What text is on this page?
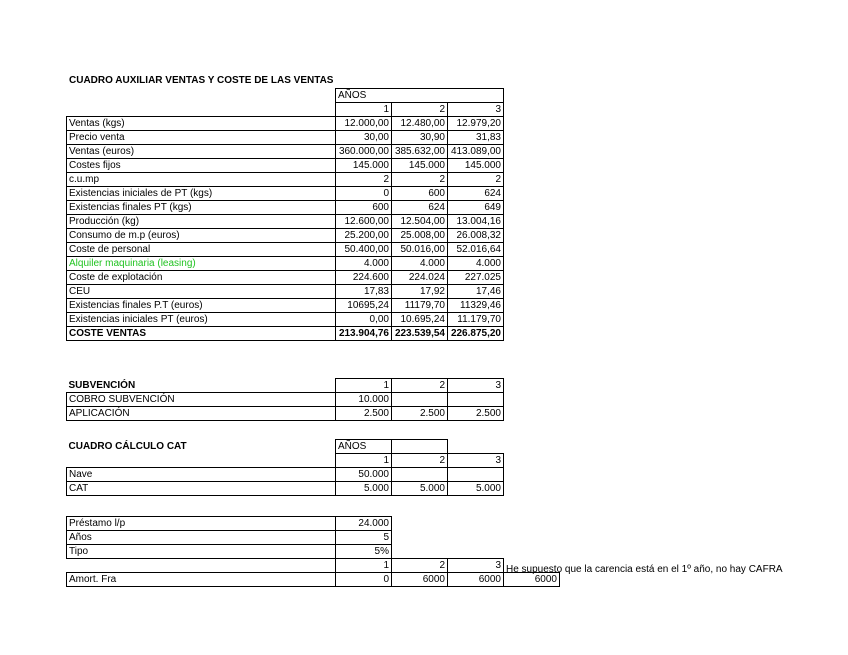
CUADRO AUXILIAR VENTAS Y COSTE DE LAS VENTAS
	AÑOS		
	1	2	3
Ventas (kgs)	12.000,00	12.480,00	12.979,20
Precio venta	30,00	30,90	31,83
Ventas (euros)	360.000,00	385.632,00	413.089,00
Costes fijos	145.000	145.000	145.000
c.u.mp	2	2	2
Existencias iniciales de PT (kgs)	0	600	624
Existencias finales PT (kgs)	600	624	649
Producción (kg)	12.600,00	12.504,00	13.004,16
Consumo de m.p (euros)	25.200,00	25.008,00	26.008,32
Coste de personal	50.400,00	50.016,00	52.016,64
Alquiler maquinaria (leasing)	4.000	4.000	4.000
Coste de explotación	224.600	224.024	227.025
CEU	17,83	17,92	17,46
Existencias finales P.T (euros)	10695,24	11179,70	11329,46
Existencias iniciales PT (euros)	0,00	10.695,24	11.179,70
COSTE VENTAS	213.904,76	223.539,54	226.875,20
SUBVENCIÓN	1	2	3
COBRO SUBVENCIÓN	10.000		
APLICACIÓN	2.500	2.500	2.500
CUADRO CÁLCULO CAT	AÑOS		
	1	2	3
Nave	50.000		
CAT	5.000	5.000	5.000
Préstamo l/p	24.000			
Años	5			
Tipo	5%			
	1	2	3	
Amort. Fra	0	6000	6000	6000
He supuesto que la carencia está en el 1º año, no hay CAFRA
